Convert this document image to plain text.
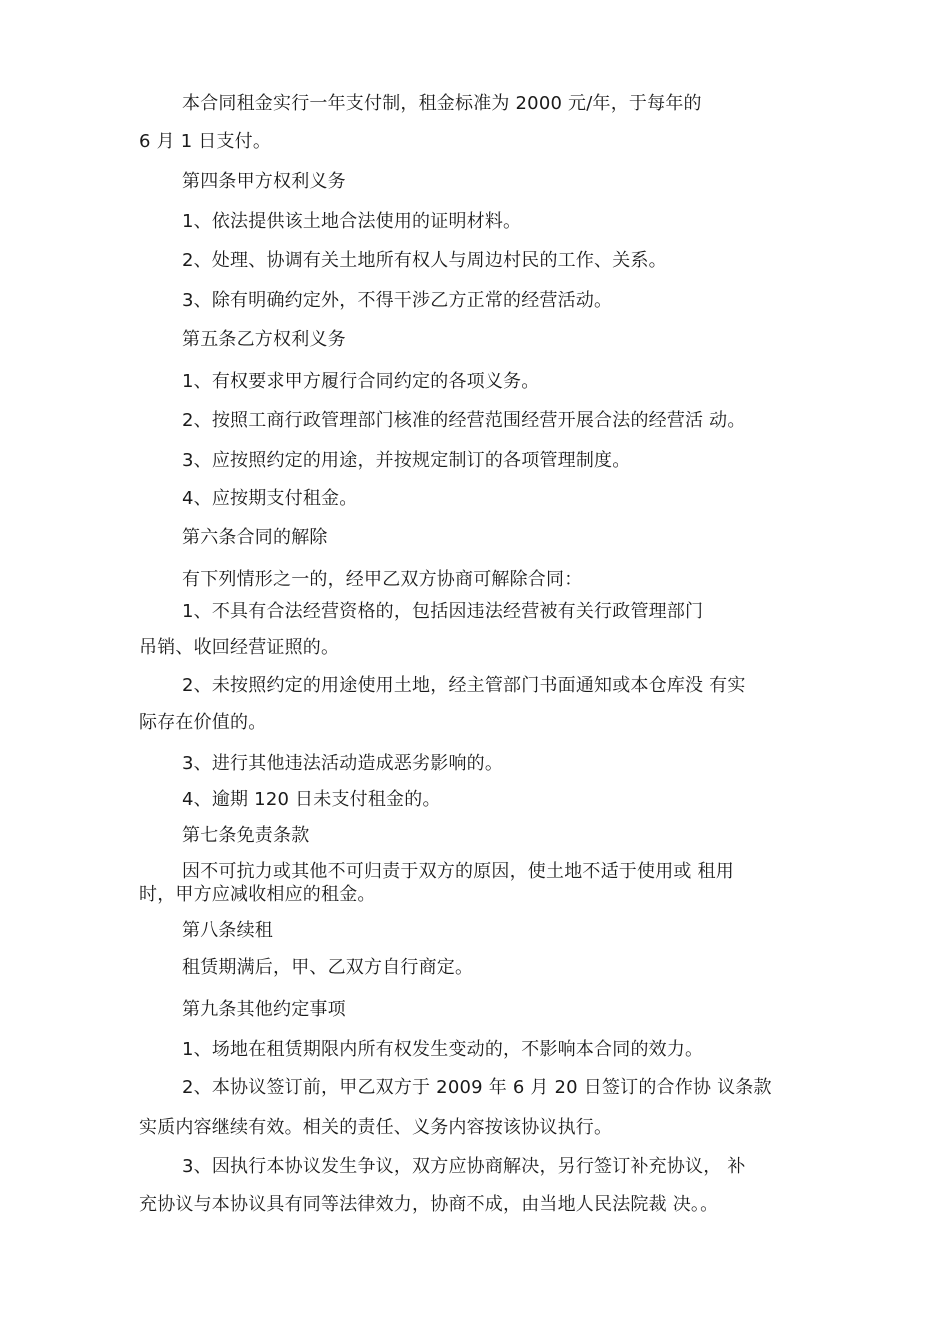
本合同租金实行一年支付制，租金标准为 2000 元/年，于每年的
6 月 1 日支付。
第四条甲方权利义务
1、依法提供该土地合法使用的证明材料。
2、处理、协调有关土地所有权人与周边村民的工作、关系。
3、除有明确约定外，不得干涉乙方正常的经营活动。
第五条乙方权利义务
1、有权要求甲方履行合同约定的各项义务。
2、按照工商行政管理部门核准的经营范围经营开展合法的经营活 动。
3、应按照约定的用途，并按规定制订的各项管理制度。
4、应按期支付租金。
第六条合同的解除
有下列情形之一的，经甲乙双方协商可解除合同：
1、不具有合法经营资格的，包括因违法经营被有关行政管理部门
吊销、收回经营证照的。
2、未按照约定的用途使用土地，经主管部门书面通知或本仓库没 有实
际存在价值的。
3、进行其他违法活动造成恶劣影响的。
4、逾期 120 日未支付租金的。
第七条免责条款
因不可抗力或其他不可归责于双方的原因，使土地不适于使用或 租用
时，甲方应减收相应的租金。
第八条续租
租赁期满后，甲、乙双方自行商定。
第九条其他约定事项
1、场地在租赁期限内所有权发生变动的，不影响本合同的效力。
2、本协议签订前，甲乙双方于 2009 年 6 月 20 日签订的合作协 议条款
实质内容继续有效。相关的责任、义务内容按该协议执行。
3、因执行本协议发生争议，双方应协商解决，另行签订补充协议， 补
充协议与本协议具有同等法律效力，协商不成，由当地人民法院裁 决。。
